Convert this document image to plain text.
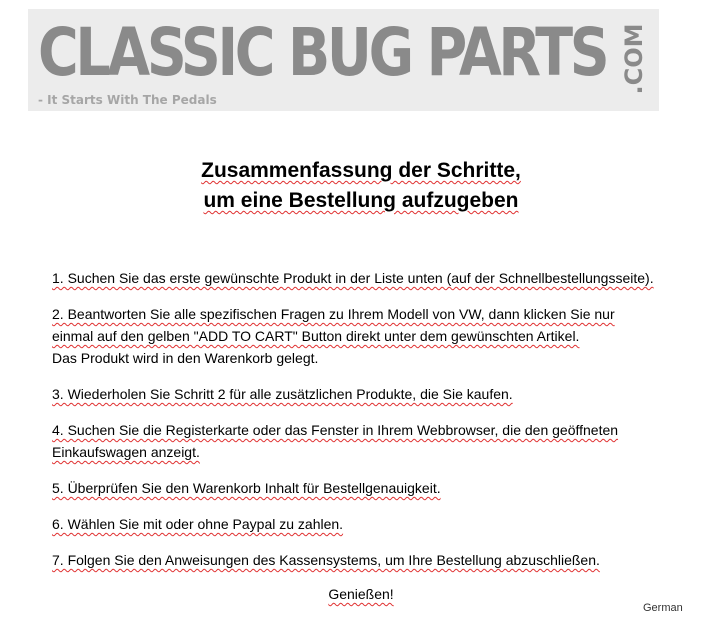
CLASSIC BUG PARTS .COM
- It Starts With The Pedals
Zusammenfassung der Schritte,
um eine Bestellung aufzugeben
1. Suchen Sie das erste gewünschte Produkt in der Liste unten (auf der Schnellbestellungsseite).
2. Beantworten Sie alle spezifischen Fragen zu Ihrem Modell von VW, dann klicken Sie nur
einmal auf den gelben "ADD TO CART" Button direkt unter dem gewünschten Artikel.
Das Produkt wird in den Warenkorb gelegt.
3. Wiederholen Sie Schritt 2 für alle zusätzlichen Produkte, die Sie kaufen.
4. Suchen Sie die Registerkarte oder das Fenster in Ihrem Webbrowser, die den geöffneten
Einkaufswagen anzeigt.
5. Überprüfen Sie den Warenkorb Inhalt für Bestellgenauigkeit.
6. Wählen Sie mit oder ohne Paypal zu zahlen.
7. Folgen Sie den Anweisungen des Kassensystems, um Ihre Bestellung abzuschließen.
Genießen!
German
